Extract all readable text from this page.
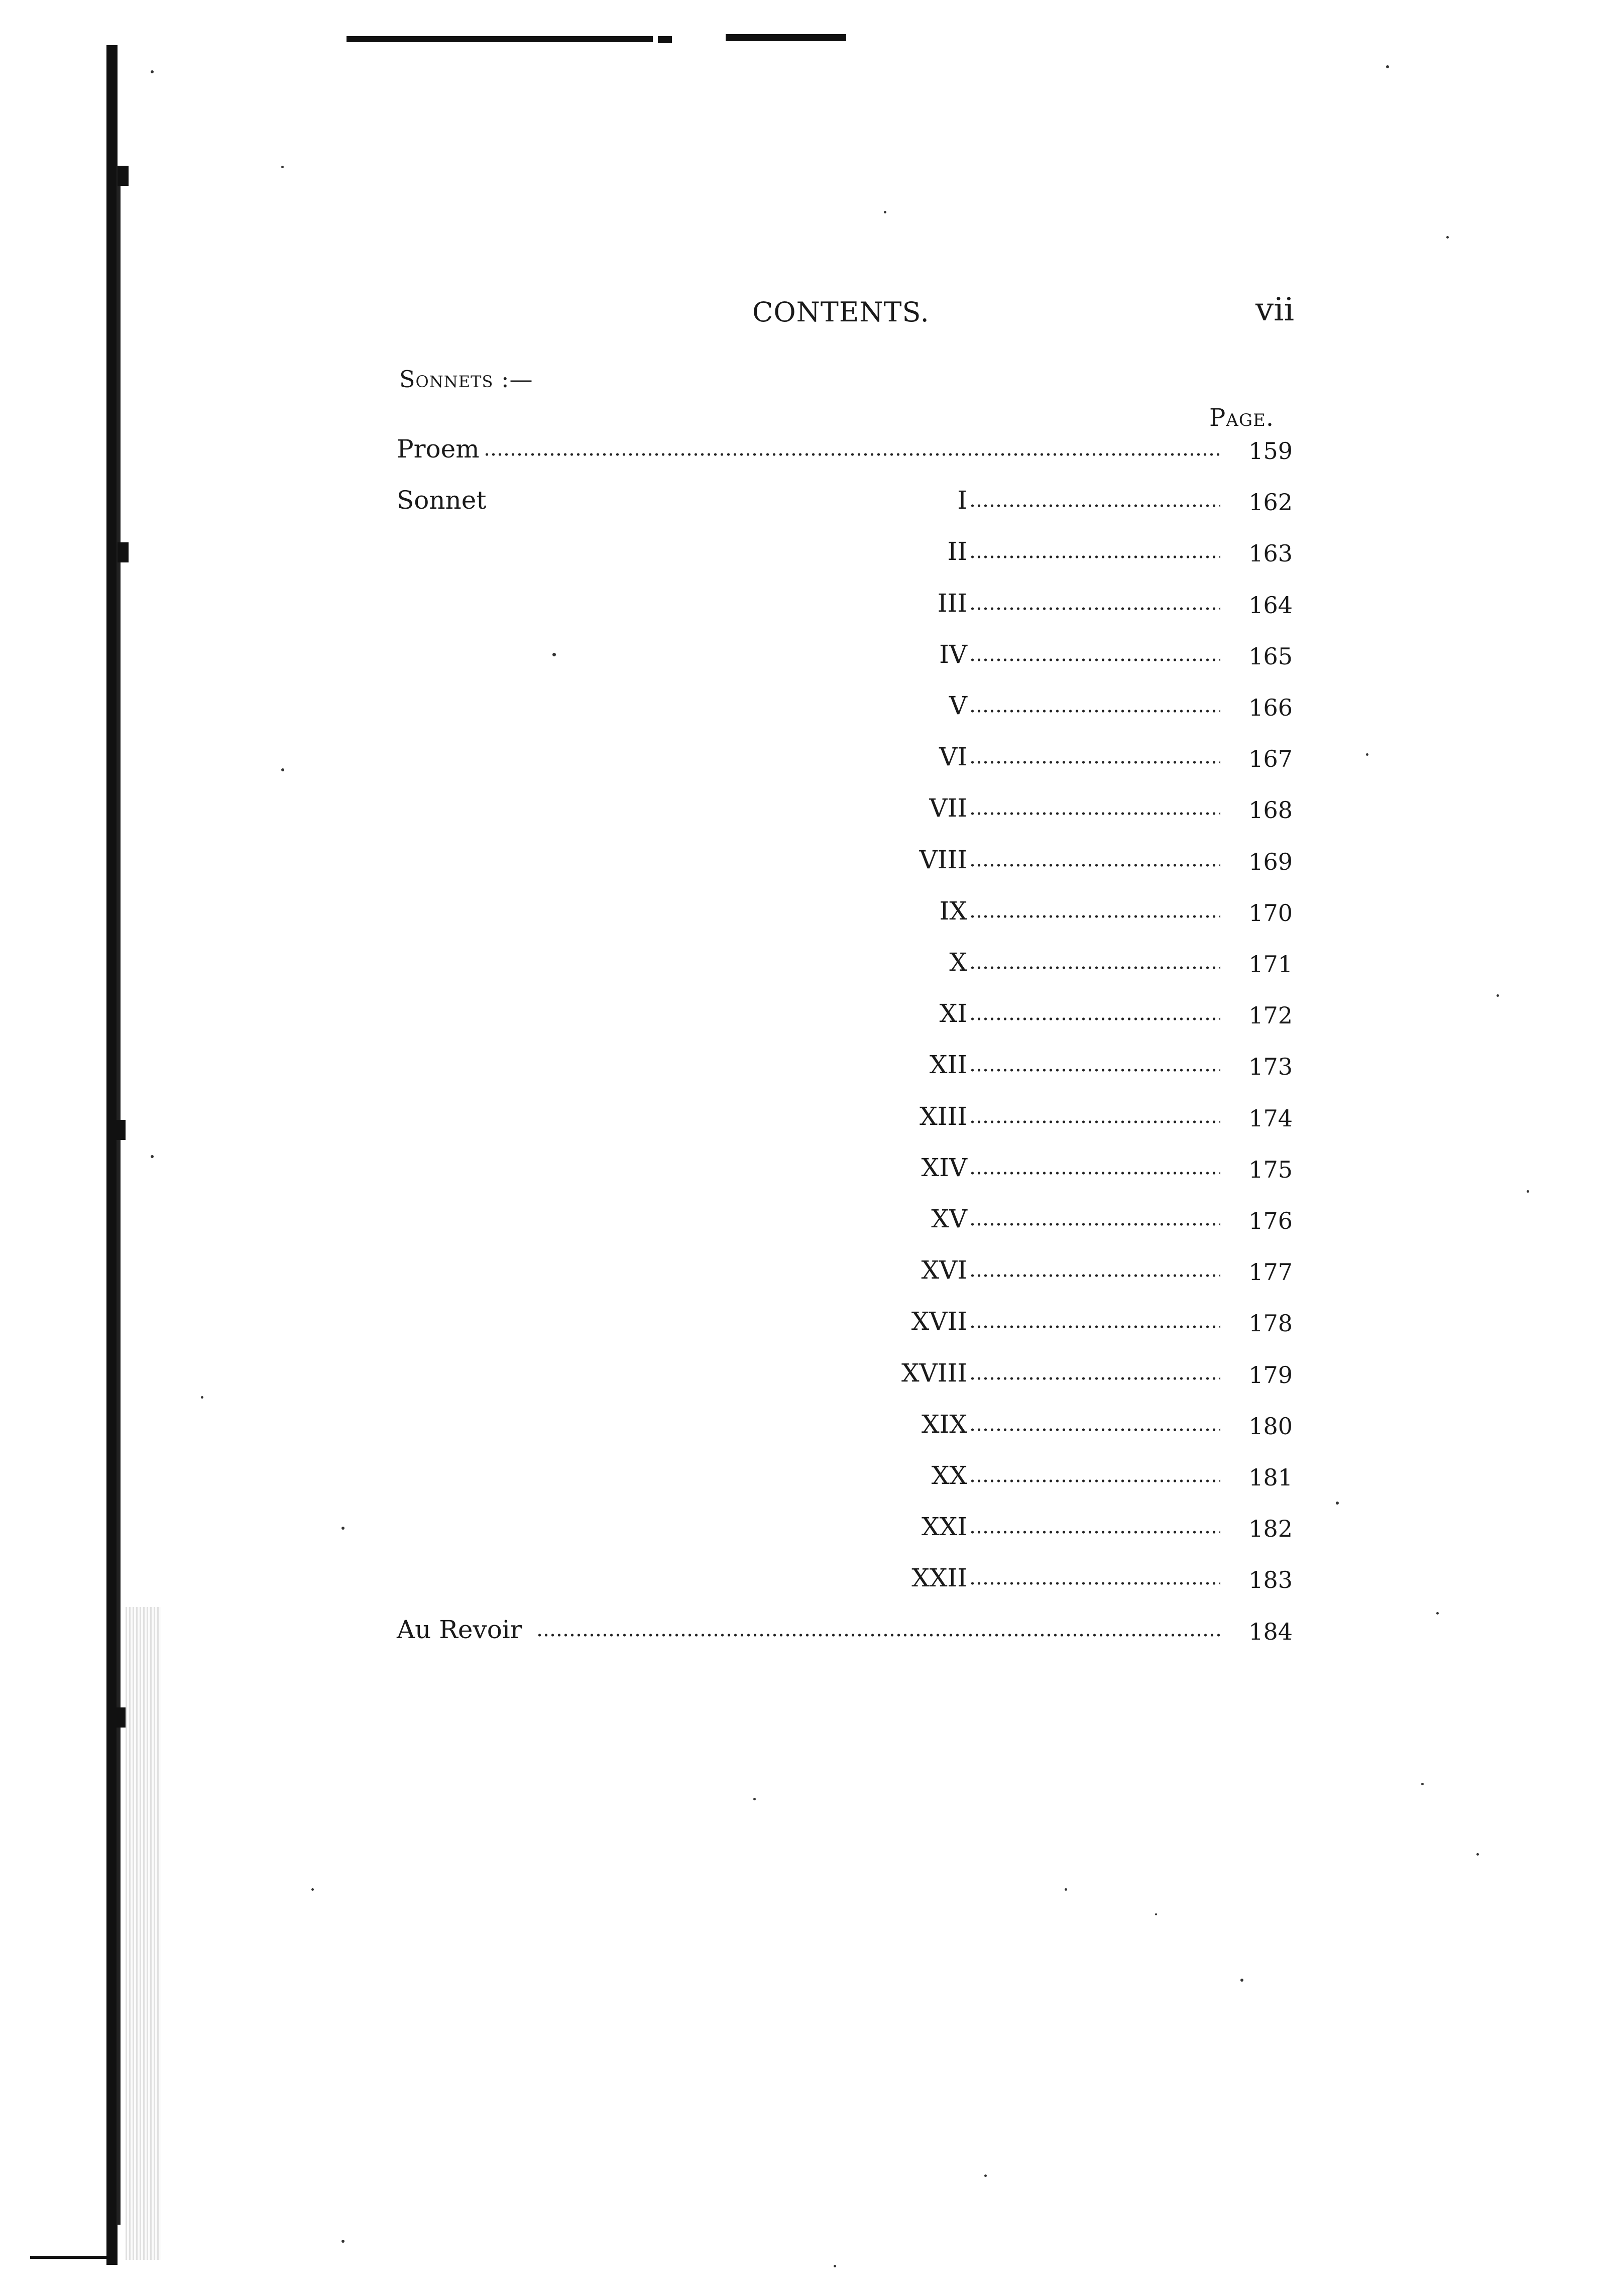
CONTENTS.	vii
Sonnets :—
Page.
Proem	159
Sonnet	I	162
II	163
III	164
IV	165
V	166
VI	167
VII	168
VIII	169
IX	170
X	171
XI	172
XII	173
XIII	174
XIV	175
XV	176
XVI	177
XVII	178
XVIII	179
XIX	180
XX	181
XXI	182
XXII	183
Au Revoir	184
